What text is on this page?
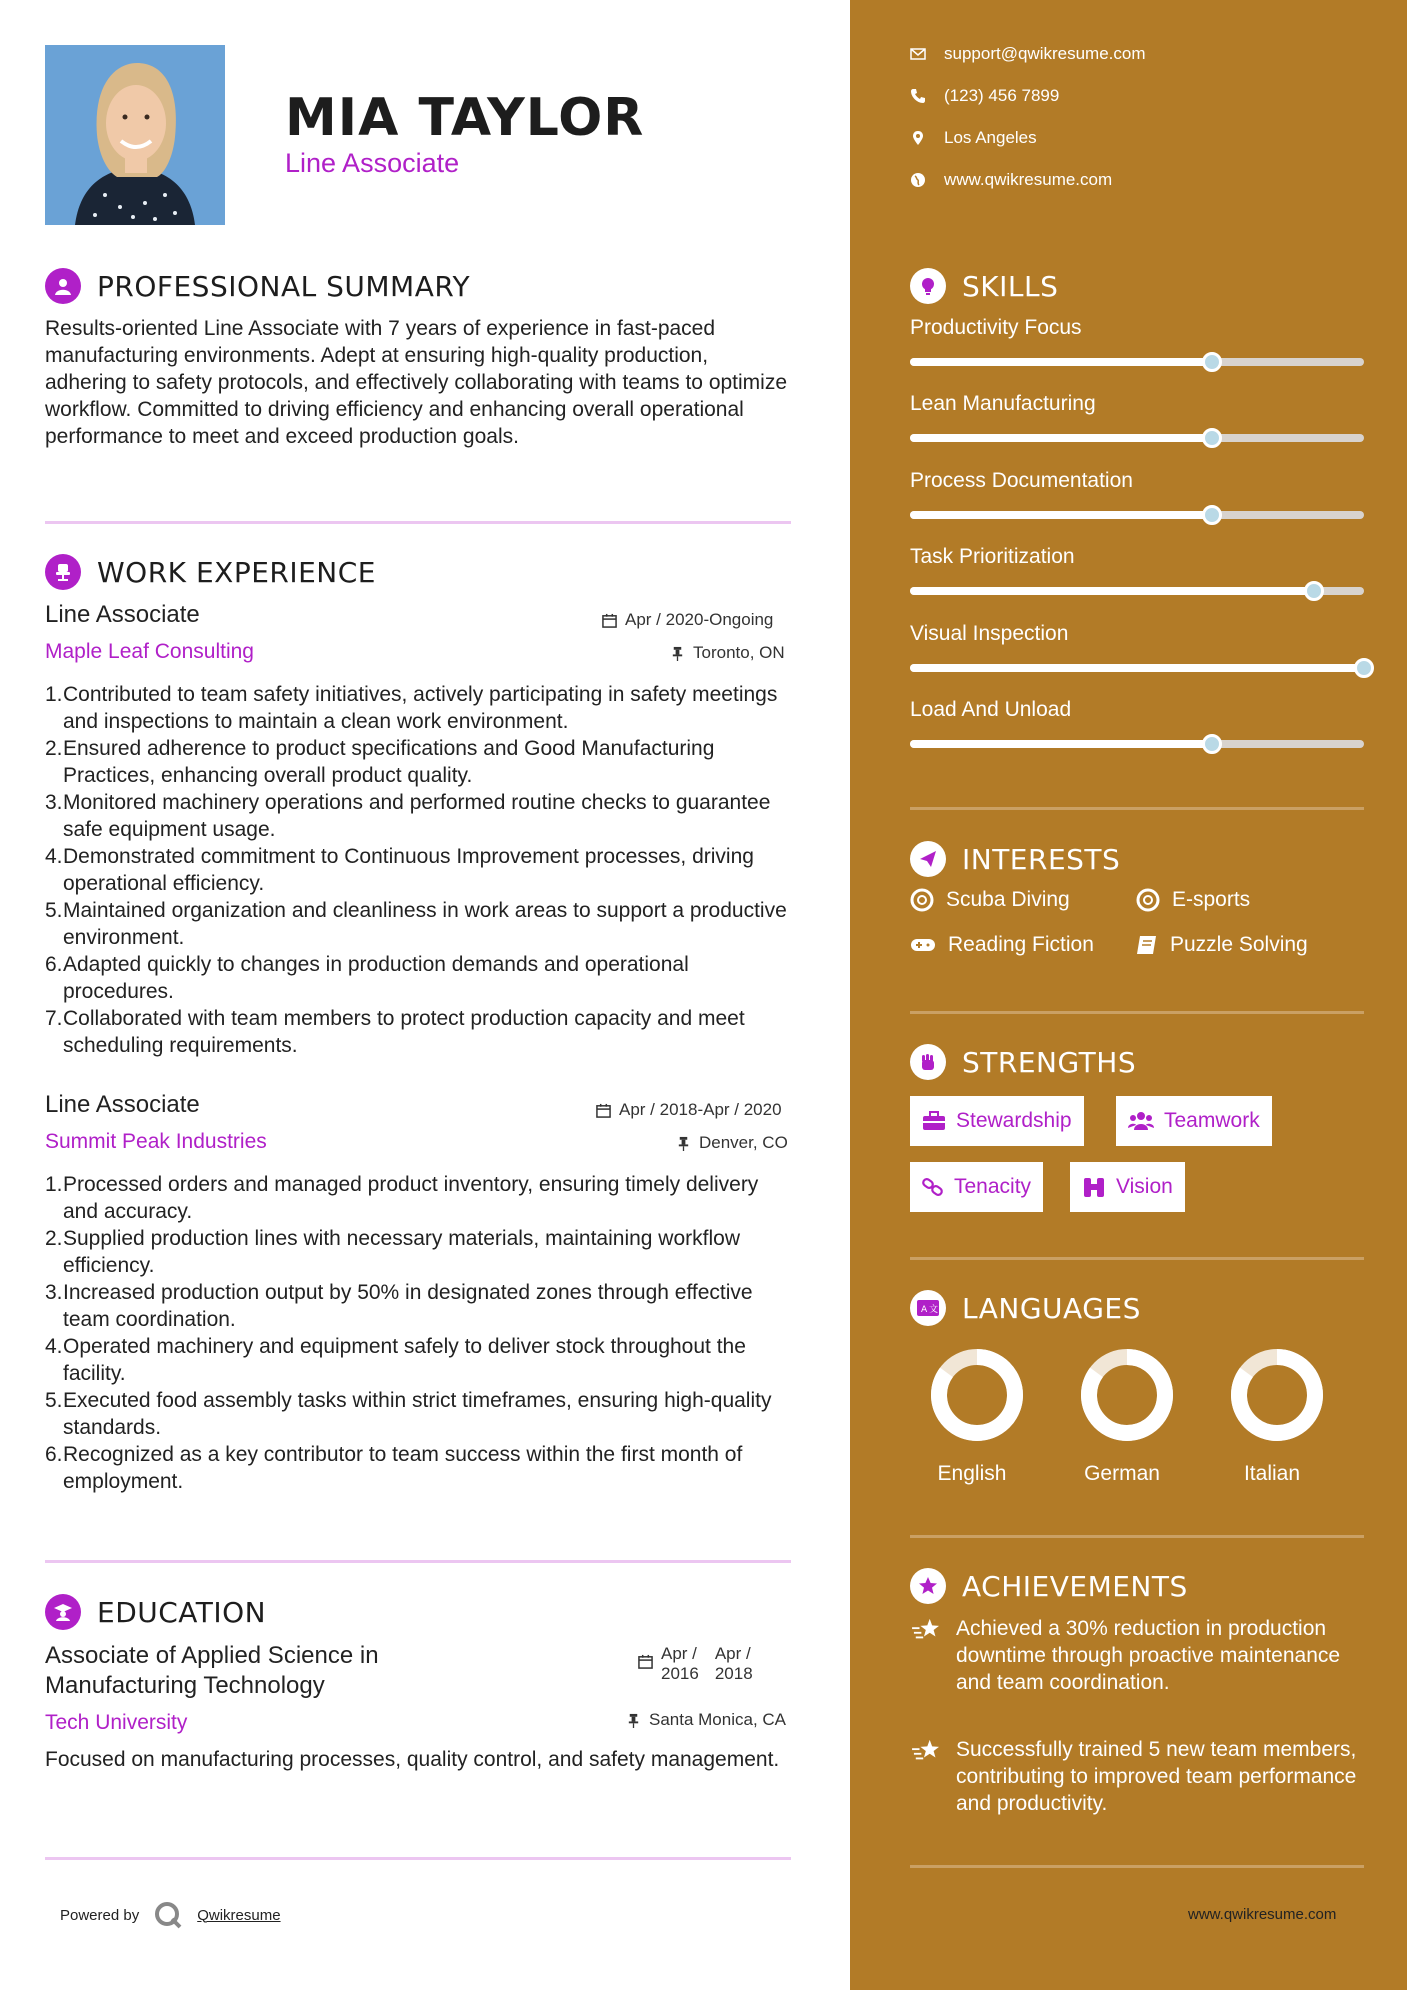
MIA TAYLOR
Line Associate
PROFESSIONAL SUMMARY
Results-oriented Line Associate with 7 years of experience in fast-paced manufacturing environments. Adept at ensuring high-quality production, adhering to safety protocols, and effectively collaborating with teams to optimize workflow. Committed to driving efficiency and enhancing overall operational performance to meet and exceed production goals.
WORK EXPERIENCE
Line Associate
Maple Leaf Consulting
Apr / 2020-Ongoing
Toronto, ON
1. Contributed to team safety initiatives, actively participating in safety meetings and inspections to maintain a clean work environment.
2. Ensured adherence to product specifications and Good Manufacturing Practices, enhancing overall product quality.
3. Monitored machinery operations and performed routine checks to guarantee safe equipment usage.
4. Demonstrated commitment to Continuous Improvement processes, driving operational efficiency.
5. Maintained organization and cleanliness in work areas to support a productive environment.
6. Adapted quickly to changes in production demands and operational procedures.
7. Collaborated with team members to protect production capacity and meet scheduling requirements.
Line Associate
Summit Peak Industries
Apr / 2018-Apr / 2020
Denver, CO
1. Processed orders and managed product inventory, ensuring timely delivery and accuracy.
2. Supplied production lines with necessary materials, maintaining workflow efficiency.
3. Increased production output by 50% in designated zones through effective team coordination.
4. Operated machinery and equipment safely to deliver stock throughout the facility.
5. Executed food assembly tasks within strict timeframes, ensuring high-quality standards.
6. Recognized as a key contributor to team success within the first month of employment.
EDUCATION
Associate of Applied Science in
Manufacturing Technology
Tech University
Apr /
2016
Apr /
2018
Santa Monica, CA
Focused on manufacturing processes, quality control, and safety management.
Powered by	Qwikresume
support@qwikresume.com
(123) 456 7899
Los Angeles
www.qwikresume.com
SKILLS
Productivity Focus
Lean Manufacturing
Process Documentation
Task Prioritization
Visual Inspection
Load And Unload
INTERESTS
Scuba Diving	E-sports
Reading Fiction	Puzzle Solving
STRENGTHS
Stewardship	Teamwork
Tenacity	Vision
A 文 LANGUAGES
English	German	Italian
ACHIEVEMENTS
Achieved a 30% reduction in production downtime through proactive maintenance and team coordination.
Successfully trained 5 new team members, contributing to improved team performance and productivity.
www.qwikresume.com
